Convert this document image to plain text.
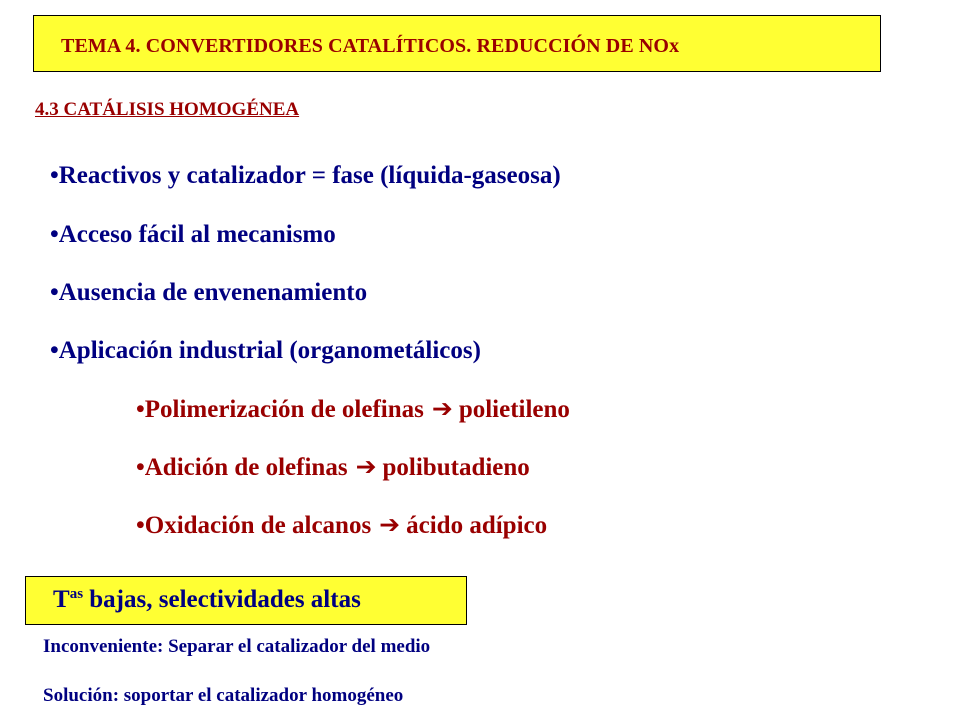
TEMA 4. CONVERTIDORES CATALÍTICOS. REDUCCIÓN DE NOx
4.3 CATÁLISIS HOMOGÉNEA
•Reactivos y catalizador = fase (líquida-gaseosa)
•Acceso fácil al mecanismo
•Ausencia de envenenamiento
•Aplicación industrial (organometálicos)
•Polimerización de olefinas ➔ polietileno
•Adición de olefinas ➔ polibutadieno
•Oxidación de alcanos ➔ ácido adípico
$T^{as}$ bajas, selectividades altas
Inconveniente: Separar el catalizador del medio
Solución: soportar el catalizador homogéneo
